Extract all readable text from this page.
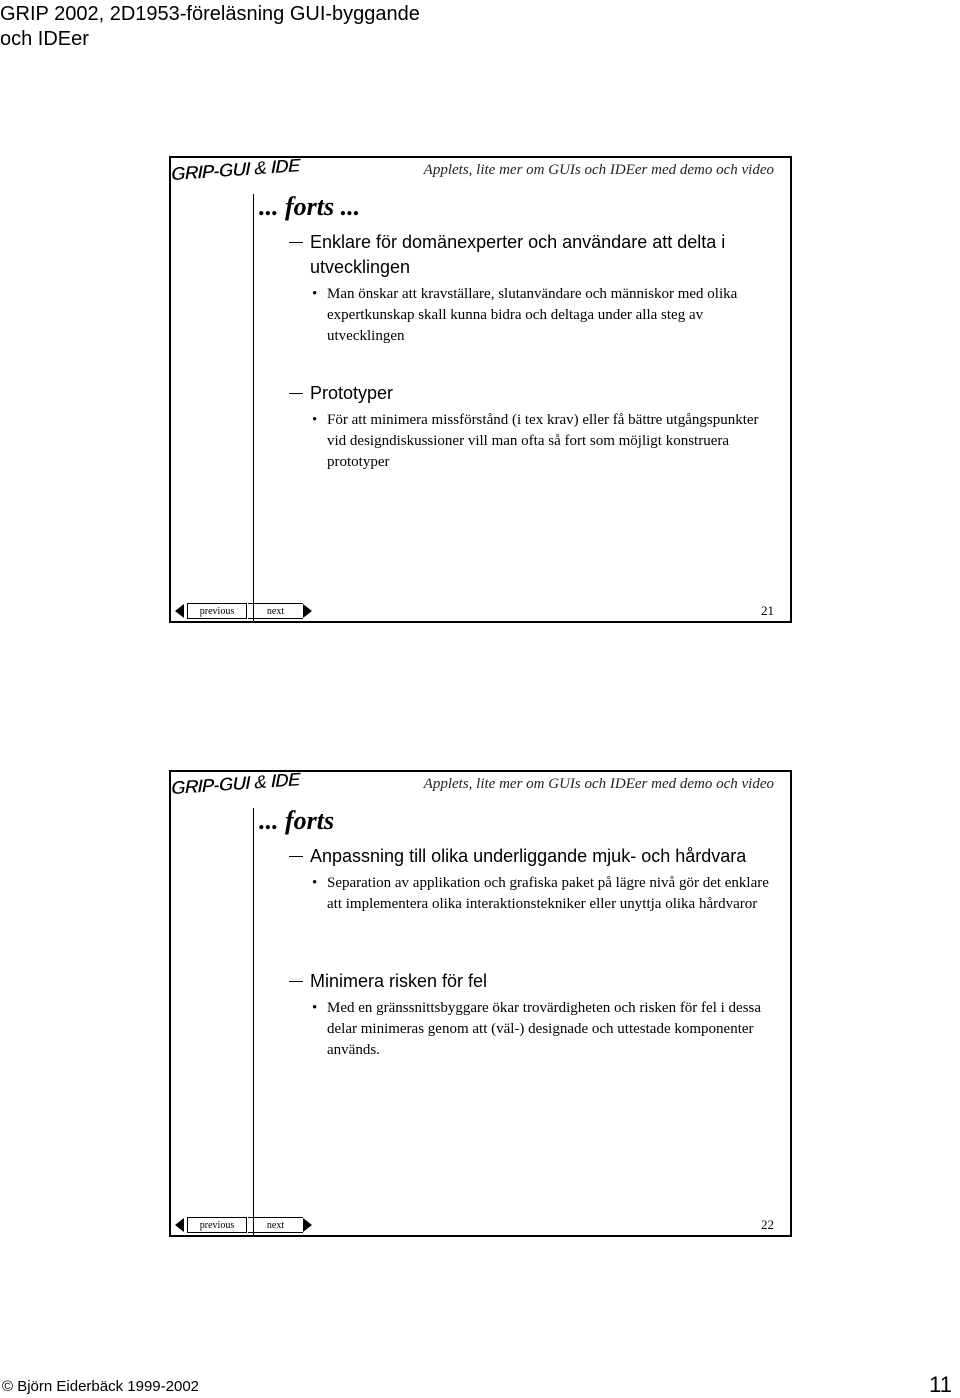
GRIP 2002, 2D1953-föreläsning GUI-byggande och IDEer
GRIP-GUI & IDE	Applets, lite mer om GUIs och IDEer med demo och video
... forts ...
Enklare för domänexperter och användare att delta i utvecklingen
• Man önskar att kravställare, slutanvändare och människor med olika expertkunskap skall kunna bidra och deltaga under alla steg av utvecklingen
Prototyper
• För att minimera missförstånd (i tex krav) eller få bättre utgångspunkter vid designdiskussioner vill man ofta så fort som möjligt konstruera prototyper
previous	next	21
GRIP-GUI & IDE	Applets, lite mer om GUIs och IDEer med demo och video
... forts
Anpassning till olika underliggande mjuk- och hårdvara
• Separation av applikation och grafiska paket på lägre nivå gör det enklare att implementera olika interaktionstekniker eller unyttja olika hårdvaror
Minimera risken för fel
• Med en gränssnittsbyggare ökar trovärdigheten och risken för fel i dessa delar minimeras genom att (väl-) designade och uttestade komponenter används.
previous	next	22
© Björn Eiderbäck 1999-2002	11
